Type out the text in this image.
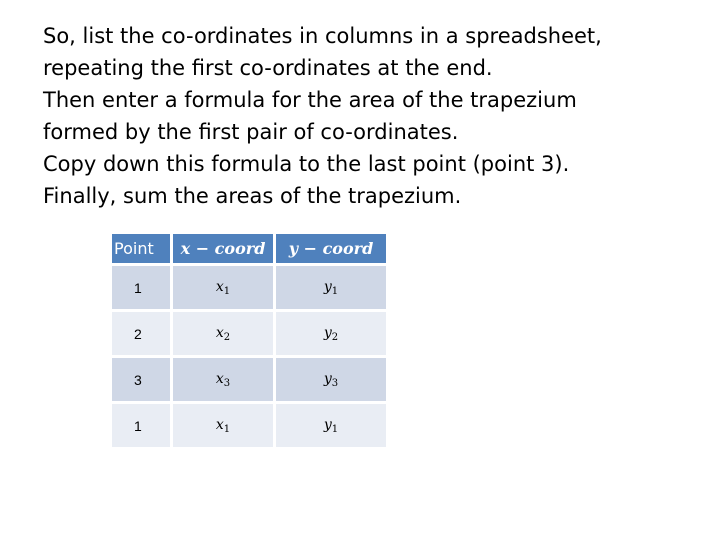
So, list the co-ordinates in columns in a spreadsheet,
repeating the first co-ordinates at the end.
Then enter a formula for the area of the trapezium
formed by the first pair of co-ordinates.
Copy down this formula to the last point (point 3).
Finally, sum the areas of the trapezium.
Point	x − coord	y − coord
1	$x_1$	$y_1$
2	$x_2$	$y_2$
3	$x_3$	$y_3$
1	$x_1$	$y_1$
